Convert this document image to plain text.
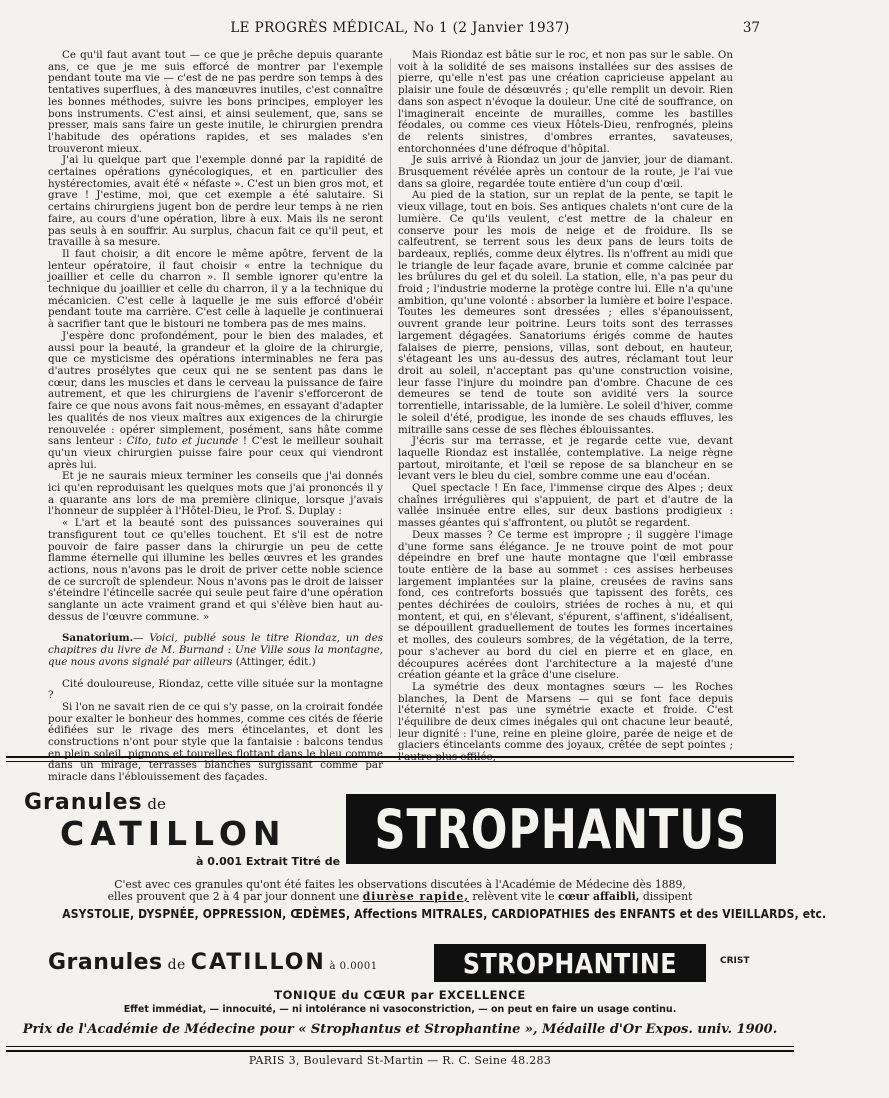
LE PROGRÈS MÉDICAL, No 1 (2 Janvier 1937)	37

Ce qu'il faut avant tout — ce que je prêche depuis quarante ans, ce que je me suis efforcé de montrer par l'exemple pendant toute ma vie — c'est de ne pas perdre son temps à des tentatives superflues, à des manœuvres inutiles, c'est connaître les bonnes méthodes, suivre les bons principes, employer les bons instruments. C'est ainsi, et ainsi seulement, que, sans se presser, mais sans faire un geste inutile, le chirurgien prendra l'habitude des opérations rapides, et ses malades s'en trouveront mieux.

J'ai lu quelque part que l'exemple donné par la rapidité de certaines opérations gynécologiques, et en particulier des hystérectomies, avait été « néfaste ». C'est un bien gros mot, et grave ! J'estime, moi, que cet exemple a été salutaire. Si certains chirurgiens jugent bon de perdre leur temps à ne rien faire, au cours d'une opération, libre à eux. Mais ils ne seront pas seuls à en souffrir. Au surplus, chacun fait ce qu'il peut, et travaille à sa mesure.

Il faut choisir, a dit encore le même apôtre, fervent de la lenteur opératoire, il faut choisir « entre la technique du joaillier et celle du charron ». Il semble ignorer qu'entre la technique du joaillier et celle du charron, il y a la technique du mécanicien. C'est celle à laquelle je me suis efforcé d'obéir pendant toute ma carrière. C'est celle à laquelle je continuerai à sacrifier tant que le bistouri ne tombera pas de mes mains.

J'espère donc profondément, pour le bien des malades, et aussi pour la beauté, la grandeur et la gloire de la chirurgie, que ce mysticisme des opérations interminables ne fera pas d'autres prosélytes que ceux qui ne se sentent pas dans le cœur, dans les muscles et dans le cerveau la puissance de faire autrement, et que les chirurgiens de l'avenir s'efforceront de faire ce que nous avons fait nous-mêmes, en essayant d'adapter les qualités de nos vieux maîtres aux exigences de la chirurgie renouvelée : opérer simplement, posément, sans hâte comme sans lenteur : Cito, tuto et jucunde ! C'est le meilleur souhait qu'un vieux chirurgien puisse faire pour ceux qui viendront après lui.

Et je ne saurais mieux terminer les conseils que j'ai donnés ici qu'en reproduisant les quelques mots que j'ai prononcés il y a quarante ans lors de ma première clinique, lorsque j'avais l'honneur de suppléer à l'Hôtel-Dieu, le Prof. S. Duplay :

« L'art et la beauté sont des puissances souveraines qui transfigurent tout ce qu'elles touchent. Et s'il est de notre pouvoir de faire passer dans la chirurgie un peu de cette flamme éternelle qui illumine les belles œuvres et les grandes actions, nous n'avons pas le droit de priver cette noble science de ce surcroît de splendeur. Nous n'avons pas le droit de laisser s'éteindre l'étincelle sacrée qui seule peut faire d'une opération sanglante un acte vraiment grand et qui s'élève bien haut au-dessus de l'œuvre commune. »

Sanatorium.— Voici, publié sous le titre Riondaz, un des chapitres du livre de M. Burnand : Une Ville sous la montagne, que nous avons signalé par ailleurs (Attinger, édit.)

Cité douloureuse, Riondaz, cette ville située sur la montagne ?

Si l'on ne savait rien de ce qui s'y passe, on la croirait fondée pour exalter le bonheur des hommes, comme ces cités de féerie édifiées sur le rivage des mers étincelantes, et dont les constructions n'ont pour style que la fantaisie : balcons tendus en plein soleil, pignons et tourelles flottant dans le bleu comme dans un mirage, terrasses blanches surgissant comme par miracle dans l'éblouissement des façades.

Mais Riondaz est bâtie sur le roc, et non pas sur le sable. On voit à la solidité de ses maisons installées sur des assises de pierre, qu'elle n'est pas une création capricieuse appelant au plaisir une foule de désœuvrés ; qu'elle remplit un devoir. Rien dans son aspect n'évoque la douleur. Une cité de souffrance, on l'imaginerait enceinte de murailles, comme les bastilles féodales, ou comme ces vieux Hôtels-Dieu, renfrognés, pleins de relents sinistres, d'ombres errantes, savateuses, entorchonnées d'une défroque d'hôpital.

Je suis arrivé à Riondaz un jour de janvier, jour de diamant. Brusquement révélée après un contour de la route, je l'ai vue dans sa gloire, regardée toute entière d'un coup d'œil.

Au pied de la station, sur un replat de la pente, se tapit le vieux village, tout en bois. Ses antiques chalets n'ont cure de la lumière. Ce qu'ils veulent, c'est mettre de la chaleur en conserve pour les mois de neige et de froidure. Ils se calfeutrent, se terrent sous les deux pans de leurs toits de bardeaux, repliés, comme deux élytres. Ils n'offrent au midi que le triangle de leur façade avare, brunie et comme calcinée par les brûlures du gel et du soleil. La station, elle, n'a pas peur du froid ; l'industrie moderne la protège contre lui. Elle n'a qu'une ambition, qu'une volonté : absorber la lumière et boire l'espace. Toutes les demeures sont dressées ; elles s'épanouissent, ouvrent grande leur poitrine. Leurs toits sont des terrasses largement dégagées. Sanatoriums érigés comme de hautes falaises de pierre, pensions, villas, sont debout, en hauteur, s'étageant les uns au-dessus des autres, réclamant tout leur droit au soleil, n'acceptant pas qu'une construction voisine, leur fasse l'injure du moindre pan d'ombre. Chacune de ces demeures se tend de toute son avidité vers la source torrentielle, intarissable, de la lumière. Le soleil d'hiver, comme le soleil d'été, prodigue, les inonde de ses chauds effluves, les mitraille sans cesse de ses flèches éblouissantes.

J'écris sur ma terrasse, et je regarde cette vue, devant laquelle Riondaz est installée, contemplative. La neige règne partout, miroitante, et l'œil se repose de sa blancheur en se levant vers le bleu du ciel, sombre comme une eau d'océan.

Quel spectacle ! En face, l'immense cirque des Alpes ; deux chaînes irrégulières qui s'appuient, de part et d'autre de la vallée insinuée entre elles, sur deux bastions prodigieux : masses géantes qui s'affrontent, ou plutôt se regardent.

Deux masses ? Ce terme est impropre ; il suggère l'image d'une forme sans élégance. Je ne trouve point de mot pour dépeindre en bref une haute montagne que l'œil embrasse toute entière de la base au sommet : ces assises herbeuses largement implantées sur la plaine, creusées de ravins sans fond, ces contreforts bossués que tapissent des forêts, ces pentes déchirées de couloirs, striées de roches à nu, et qui montent, et qui, en s'élevant, s'épurent, s'affinent, s'idéalisent, se dépouillent graduellement de toutes les formes incertaines et molles, des couleurs sombres, de la végétation, de la terre, pour s'achever au bord du ciel en pierre et en glace, en découpures acérées dont l'architecture a la majesté d'une création géante et la grâce d'une ciselure.

La symétrie des deux montagnes sœurs — les Roches blanches, la Dent de Marsens — qui se font face depuis l'éternité n'est pas une symétrie exacte et froide. C'est l'équilibre de deux cimes inégales qui ont chacune leur beauté, leur dignité : l'une, reine en pleine gloire, parée de neige et de glaciers étincelants comme des joyaux, crêtée de sept pointes ; l'autre plus effilée,

Granules de
CATILLON
à 0.001 Extrait Titré de
STROPHANTUS
C'est avec ces granules qu'ont été faites les observations discutées à l'Académie de Médecine dès 1889,
elles prouvent que 2 à 4 par jour donnent une diurèse rapide, relèvent vite le cœur affaibli, dissipent
ASYSTOLIE, DYSPNÉE, OPPRESSION, ŒDÈMES, Affections MITRALES, CARDIOPATHIES des ENFANTS et des VIEILLARDS, etc.
Granules de CATILLON à 0.0001	STROPHANTINE	CRIST
TONIQUE du CŒUR par EXCELLENCE
Effet immédiat, — innocuité, — ni intolérance ni vasoconstriction, — on peut en faire un usage continu.
Prix de l'Académie de Médecine pour « Strophantus et Strophantine », Médaille d'Or Expos. univ. 1900.
PARIS 3, Boulevard St-Martin — R. C. Seine 48.283
